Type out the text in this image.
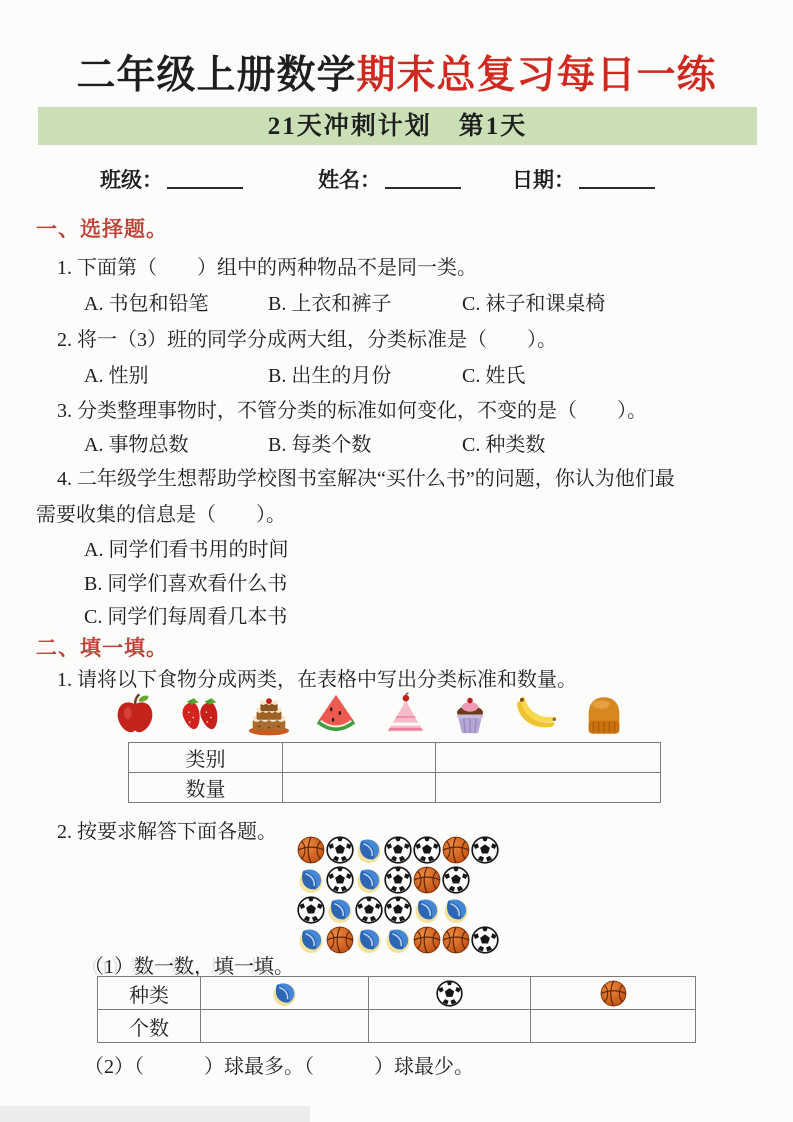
二年级上册数学期末总复习每日一练
21天冲刺计划　第1天
班级：	姓名：	日期：
一、选择题。
1. 下面第（　　）组中的两种物品不是同一类。
A. 书包和铅笔	B. 上衣和裤子	C. 袜子和课桌椅
2. 将一（3）班的同学分成两大组，分类标准是（　　）。
A. 性别	B. 出生的月份	C. 姓氏
3. 分类整理事物时，不管分类的标准如何变化，不变的是（　　）。
A. 事物总数	B. 每类个数	C. 种类数
4. 二年级学生想帮助学校图书室解决“买什么书”的问题，你认为他们最
需要收集的信息是（　　）。
A. 同学们看书用的时间
B. 同学们喜欢看什么书
C. 同学们每周看几本书
二、填一填。
1. 请将以下食物分成两类，在表格中写出分类标准和数量。
类别		
数量		
2. 按要求解答下面各题。
（1）数一数，填一填。
种类			
个数			
（2）（　　　）球最多。（　　　）球最少。
